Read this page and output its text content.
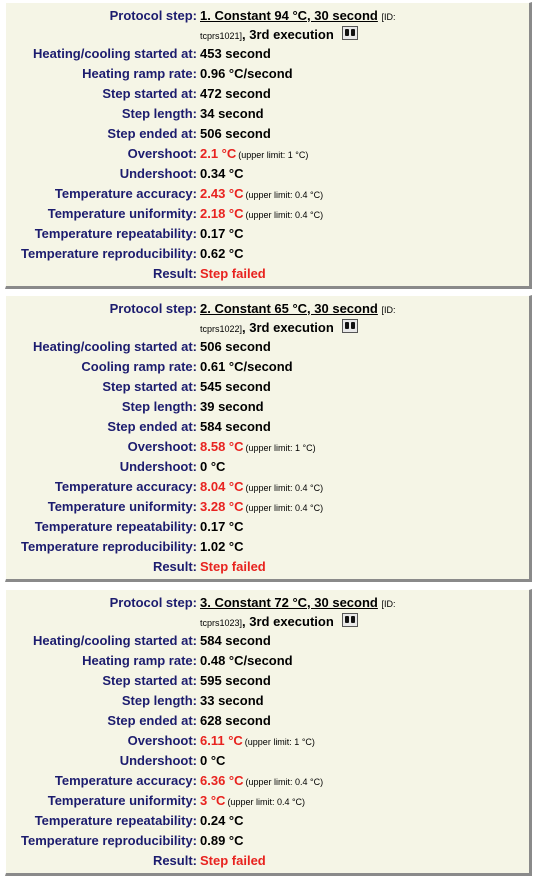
Protocol step:	1. Constant 94 °C, 30 second [ID:
tcprs1021], 3rd execution
Heating/cooling started at:	453 second
Heating ramp rate:	0.96 °C/second
Step started at:	472 second
Step length:	34 second
Step ended at:	506 second
Overshoot:	2.1 °C (upper limit: 1 °C)
Undershoot:	0.34 °C
Temperature accuracy:	2.43 °C (upper limit: 0.4 °C)
Temperature uniformity:	2.18 °C (upper limit: 0.4 °C)
Temperature repeatability:	0.17 °C
Temperature reproducibility:	0.62 °C
Result:	Step failed
Protocol step:	2. Constant 65 °C, 30 second [ID:
tcprs1022], 3rd execution
Heating/cooling started at:	506 second
Cooling ramp rate:	0.61 °C/second
Step started at:	545 second
Step length:	39 second
Step ended at:	584 second
Overshoot:	8.58 °C (upper limit: 1 °C)
Undershoot:	0 °C
Temperature accuracy:	8.04 °C (upper limit: 0.4 °C)
Temperature uniformity:	3.28 °C (upper limit: 0.4 °C)
Temperature repeatability:	0.17 °C
Temperature reproducibility:	1.02 °C
Result:	Step failed
Protocol step:	3. Constant 72 °C, 30 second [ID:
tcprs1023], 3rd execution
Heating/cooling started at:	584 second
Heating ramp rate:	0.48 °C/second
Step started at:	595 second
Step length:	33 second
Step ended at:	628 second
Overshoot:	6.11 °C (upper limit: 1 °C)
Undershoot:	0 °C
Temperature accuracy:	6.36 °C (upper limit: 0.4 °C)
Temperature uniformity:	3 °C (upper limit: 0.4 °C)
Temperature repeatability:	0.24 °C
Temperature reproducibility:	0.89 °C
Result:	Step failed
